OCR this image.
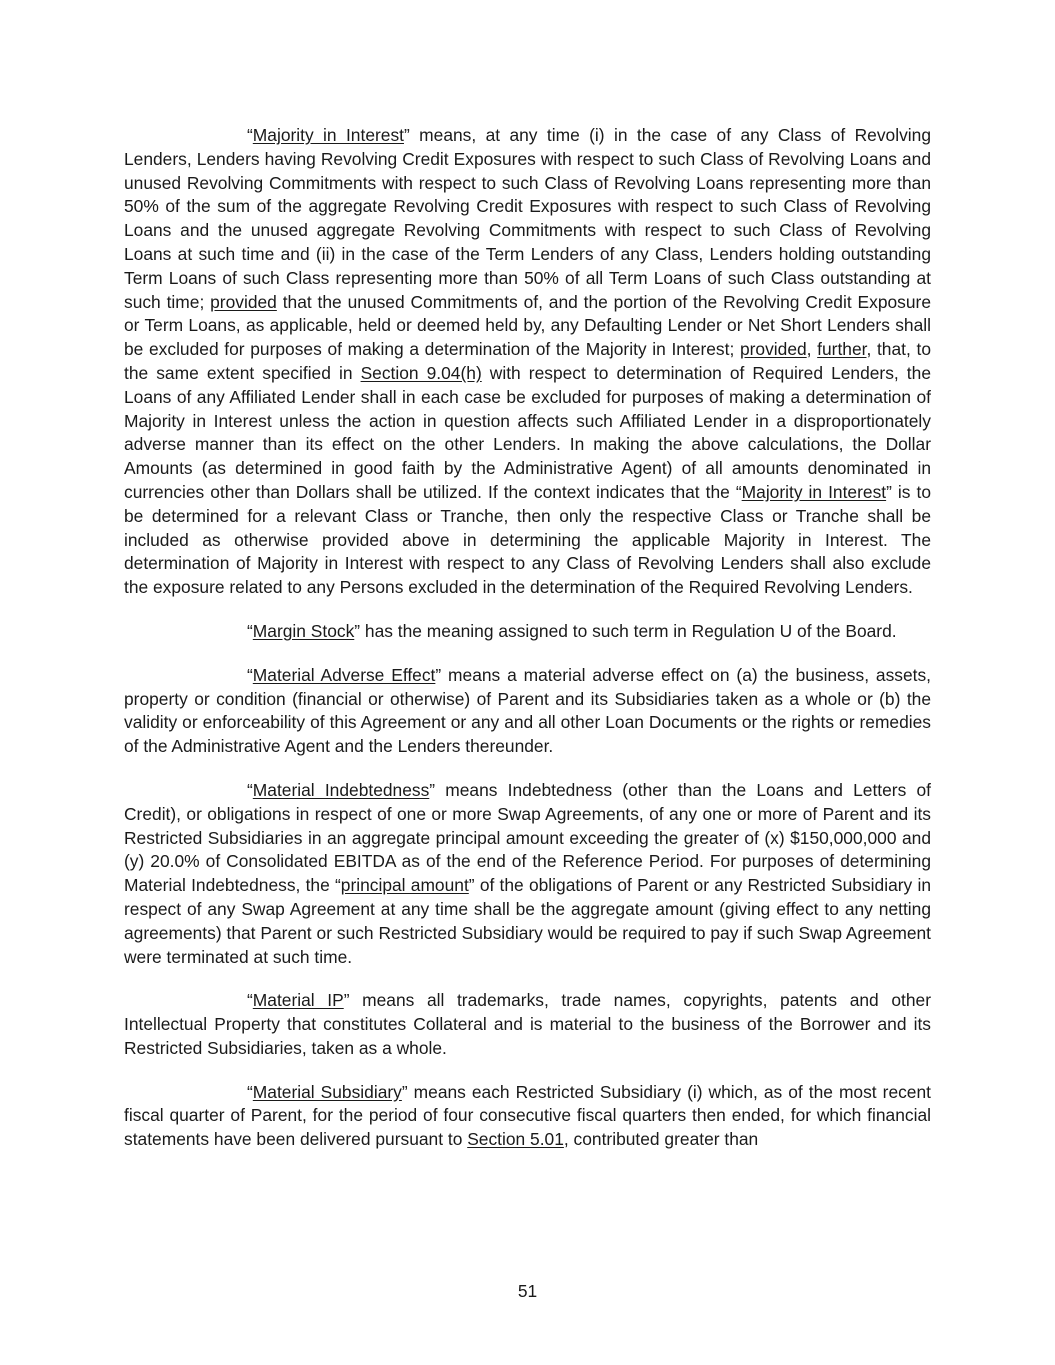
“Majority in Interest” means, at any time (i) in the case of any Class of Revolving Lenders, Lenders having Revolving Credit Exposures with respect to such Class of Revolving Loans and unused Revolving Commitments with respect to such Class of Revolving Loans representing more than 50% of the sum of the aggregate Revolving Credit Exposures with respect to such Class of Revolving Loans and the unused aggregate Revolving Commitments with respect to such Class of Revolving Loans at such time and (ii) in the case of the Term Lenders of any Class, Lenders holding outstanding Term Loans of such Class representing more than 50% of all Term Loans of such Class outstanding at such time; provided that the unused Commitments of, and the portion of the Revolving Credit Exposure or Term Loans, as applicable, held or deemed held by, any Defaulting Lender or Net Short Lenders shall be excluded for purposes of making a determination of the Majority in Interest; provided, further, that, to the same extent specified in Section 9.04(h) with respect to determination of Required Lenders, the Loans of any Affiliated Lender shall in each case be excluded for purposes of making a determination of Majority in Interest unless the action in question affects such Affiliated Lender in a disproportionately adverse manner than its effect on the other Lenders. In making the above calculations, the Dollar Amounts (as determined in good faith by the Administrative Agent) of all amounts denominated in currencies other than Dollars shall be utilized. If the context indicates that the “Majority in Interest” is to be determined for a relevant Class or Tranche, then only the respective Class or Tranche shall be included as otherwise provided above in determining the applicable Majority in Interest. The determination of Majority in Interest with respect to any Class of Revolving Lenders shall also exclude the exposure related to any Persons excluded in the determination of the Required Revolving Lenders.

“Margin Stock” has the meaning assigned to such term in Regulation U of the Board.

“Material Adverse Effect” means a material adverse effect on (a) the business, assets, property or condition (financial or otherwise) of Parent and its Subsidiaries taken as a whole or (b) the validity or enforceability of this Agreement or any and all other Loan Documents or the rights or remedies of the Administrative Agent and the Lenders thereunder.

“Material Indebtedness” means Indebtedness (other than the Loans and Letters of Credit), or obligations in respect of one or more Swap Agreements, of any one or more of Parent and its Restricted Subsidiaries in an aggregate principal amount exceeding the greater of (x) $150,000,000 and (y) 20.0% of Consolidated EBITDA as of the end of the Reference Period. For purposes of determining Material Indebtedness, the “principal amount” of the obligations of Parent or any Restricted Subsidiary in respect of any Swap Agreement at any time shall be the aggregate amount (giving effect to any netting agreements) that Parent or such Restricted Subsidiary would be required to pay if such Swap Agreement were terminated at such time.

“Material IP” means all trademarks, trade names, copyrights, patents and other Intellectual Property that constitutes Collateral and is material to the business of the Borrower and its Restricted Subsidiaries, taken as a whole.

“Material Subsidiary” means each Restricted Subsidiary (i) which, as of the most recent fiscal quarter of Parent, for the period of four consecutive fiscal quarters then ended, for which financial statements have been delivered pursuant to Section 5.01, contributed greater than

51
